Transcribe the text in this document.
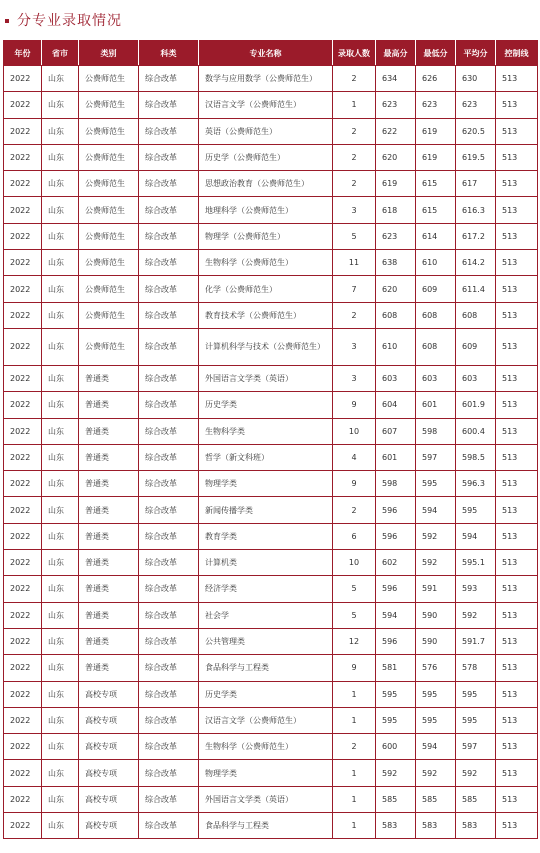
分专业录取情况
年份	省市	类别	科类	专业名称	录取人数	最高分	最低分	平均分	控制线
2022	山东	公费师范生	综合改革	数学与应用数学（公费师范生）	2	634	626	630	513
2022	山东	公费师范生	综合改革	汉语言文学（公费师范生）	1	623	623	623	513
2022	山东	公费师范生	综合改革	英语（公费师范生）	2	622	619	620.5	513
2022	山东	公费师范生	综合改革	历史学（公费师范生）	2	620	619	619.5	513
2022	山东	公费师范生	综合改革	思想政治教育（公费师范生）	2	619	615	617	513
2022	山东	公费师范生	综合改革	地理科学（公费师范生）	3	618	615	616.3	513
2022	山东	公费师范生	综合改革	物理学（公费师范生）	5	623	614	617.2	513
2022	山东	公费师范生	综合改革	生物科学（公费师范生）	11	638	610	614.2	513
2022	山东	公费师范生	综合改革	化学（公费师范生）	7	620	609	611.4	513
2022	山东	公费师范生	综合改革	教育技术学（公费师范生）	2	608	608	608	513
2022	山东	公费师范生	综合改革	计算机科学与技术（公费师范生）	3	610	608	609	513
2022	山东	普通类	综合改革	外国语言文学类（英语）	3	603	603	603	513
2022	山东	普通类	综合改革	历史学类	9	604	601	601.9	513
2022	山东	普通类	综合改革	生物科学类	10	607	598	600.4	513
2022	山东	普通类	综合改革	哲学（新文科班）	4	601	597	598.5	513
2022	山东	普通类	综合改革	物理学类	9	598	595	596.3	513
2022	山东	普通类	综合改革	新闻传播学类	2	596	594	595	513
2022	山东	普通类	综合改革	教育学类	6	596	592	594	513
2022	山东	普通类	综合改革	计算机类	10	602	592	595.1	513
2022	山东	普通类	综合改革	经济学类	5	596	591	593	513
2022	山东	普通类	综合改革	社会学	5	594	590	592	513
2022	山东	普通类	综合改革	公共管理类	12	596	590	591.7	513
2022	山东	普通类	综合改革	食品科学与工程类	9	581	576	578	513
2022	山东	高校专项	综合改革	历史学类	1	595	595	595	513
2022	山东	高校专项	综合改革	汉语言文学（公费师范生）	1	595	595	595	513
2022	山东	高校专项	综合改革	生物科学（公费师范生）	2	600	594	597	513
2022	山东	高校专项	综合改革	物理学类	1	592	592	592	513
2022	山东	高校专项	综合改革	外国语言文学类（英语）	1	585	585	585	513
2022	山东	高校专项	综合改革	食品科学与工程类	1	583	583	583	513
